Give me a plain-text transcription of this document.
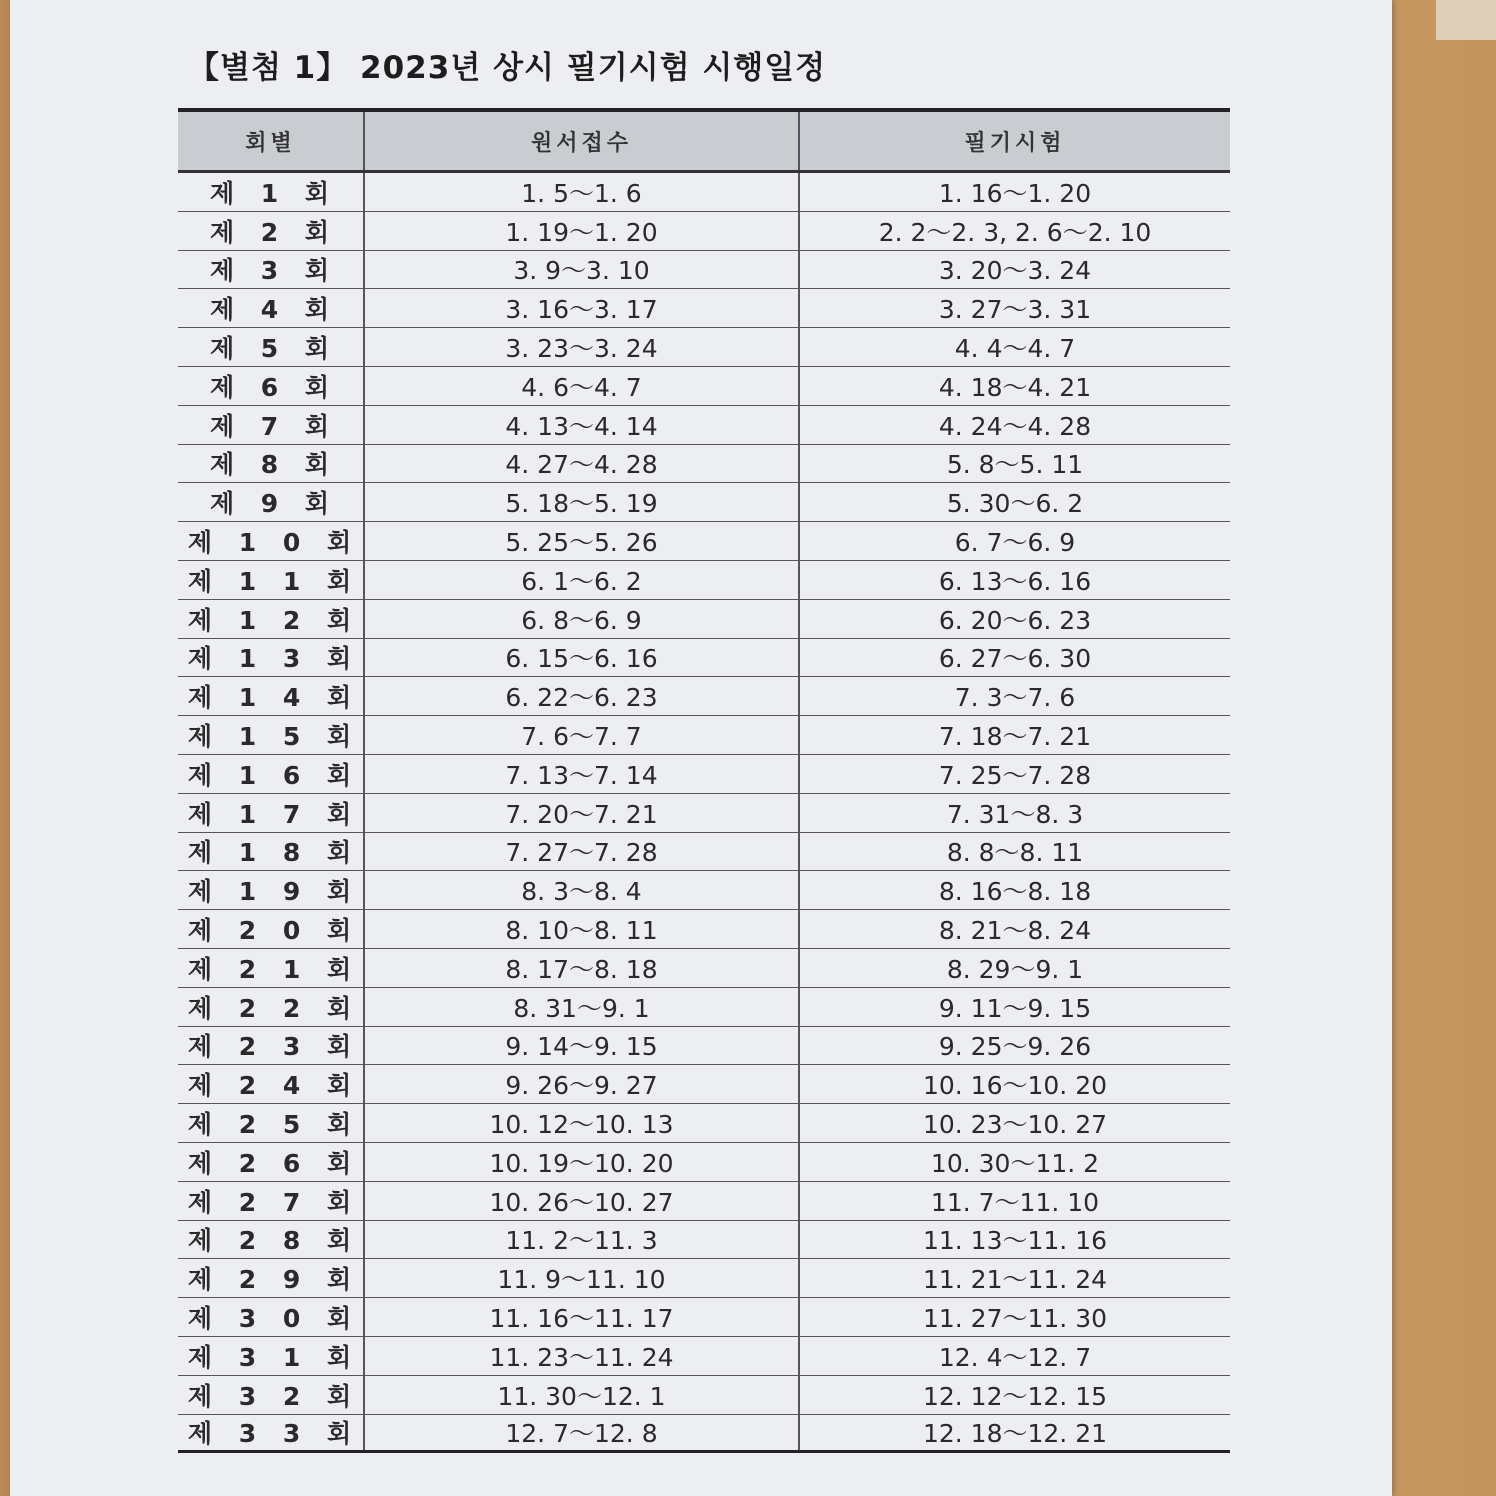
【별첨 1】 2023년 상시 필기시험 시행일정
회별	원서접수	필기시험
제 1 회	1. 5～1. 6	1. 16～1. 20
제 2 회	1. 19～1. 20	2. 2～2. 3, 2. 6～2. 10
제 3 회	3. 9～3. 10	3. 20～3. 24
제 4 회	3. 16～3. 17	3. 27～3. 31
제 5 회	3. 23～3. 24	4. 4～4. 7
제 6 회	4. 6～4. 7	4. 18～4. 21
제 7 회	4. 13～4. 14	4. 24～4. 28
제 8 회	4. 27～4. 28	5. 8～5. 11
제 9 회	5. 18～5. 19	5. 30～6. 2
제 1 0 회	5. 25～5. 26	6. 7～6. 9
제 1 1 회	6. 1～6. 2	6. 13～6. 16
제 1 2 회	6. 8～6. 9	6. 20～6. 23
제 1 3 회	6. 15～6. 16	6. 27～6. 30
제 1 4 회	6. 22～6. 23	7. 3～7. 6
제 1 5 회	7. 6～7. 7	7. 18～7. 21
제 1 6 회	7. 13～7. 14	7. 25～7. 28
제 1 7 회	7. 20～7. 21	7. 31～8. 3
제 1 8 회	7. 27～7. 28	8. 8～8. 11
제 1 9 회	8. 3～8. 4	8. 16～8. 18
제 2 0 회	8. 10～8. 11	8. 21～8. 24
제 2 1 회	8. 17～8. 18	8. 29～9. 1
제 2 2 회	8. 31～9. 1	9. 11～9. 15
제 2 3 회	9. 14～9. 15	9. 25～9. 26
제 2 4 회	9. 26～9. 27	10. 16～10. 20
제 2 5 회	10. 12～10. 13	10. 23～10. 27
제 2 6 회	10. 19～10. 20	10. 30～11. 2
제 2 7 회	10. 26～10. 27	11. 7～11. 10
제 2 8 회	11. 2～11. 3	11. 13～11. 16
제 2 9 회	11. 9～11. 10	11. 21～11. 24
제 3 0 회	11. 16～11. 17	11. 27～11. 30
제 3 1 회	11. 23～11. 24	12. 4～12. 7
제 3 2 회	11. 30～12. 1	12. 12～12. 15
제 3 3 회	12. 7～12. 8	12. 18～12. 21
